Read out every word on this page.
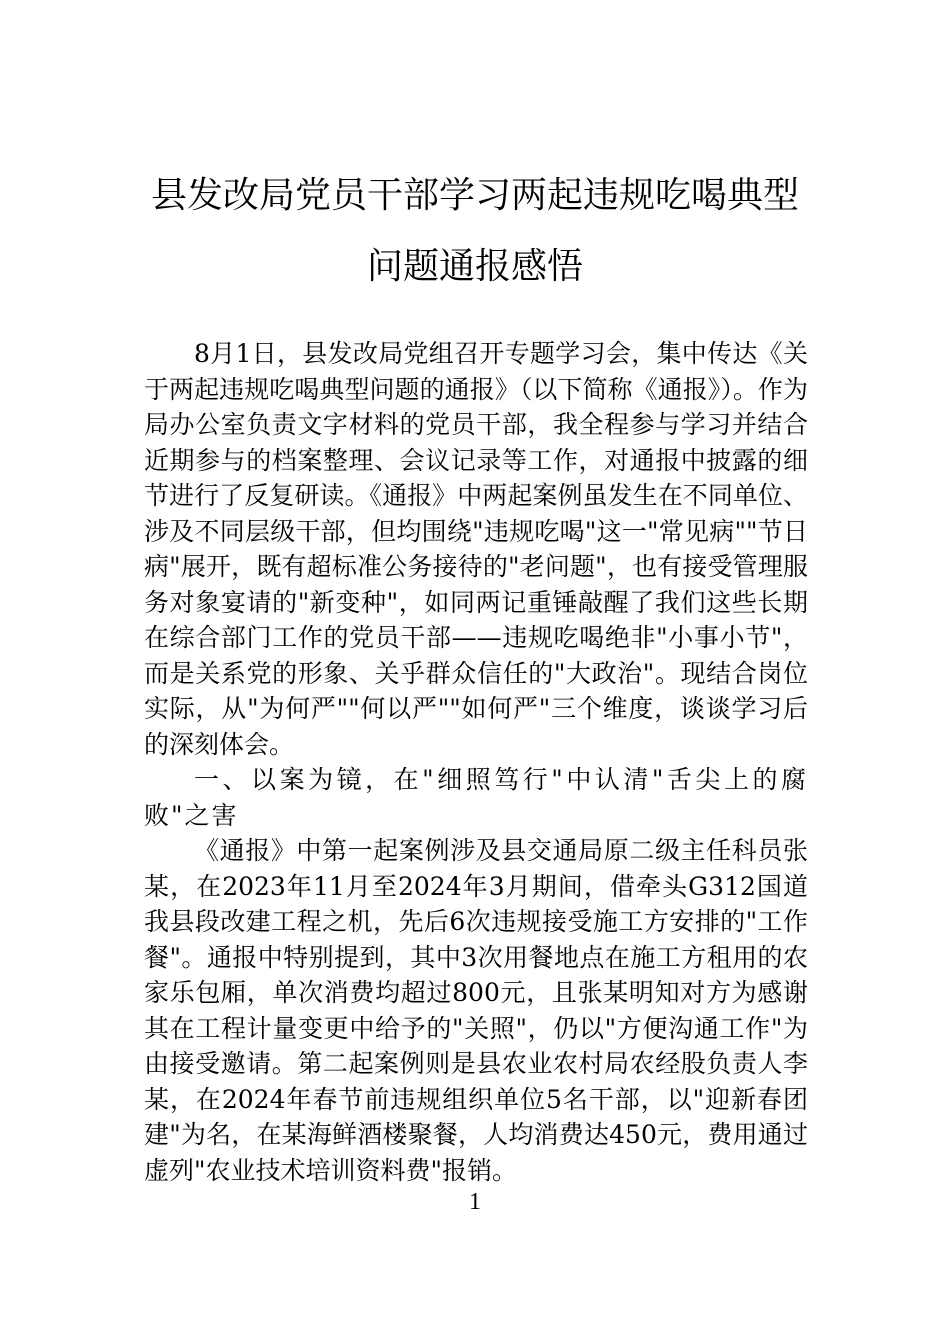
县发改局党员干部学习两起违规吃喝典型
问题通报感悟

8月1日，县发改局党组召开专题学习会，集中传达《关于两起违规吃喝典型问题的通报》（以下简称《通报》）。作为局办公室负责文字材料的党员干部，我全程参与学习并结合近期参与的档案整理、会议记录等工作，对通报中披露的细节进行了反复研读。《通报》中两起案例虽发生在不同单位、涉及不同层级干部，但均围绕"违规吃喝"这一"常见病""节日病"展开，既有超标准公务接待的"老问题"，也有接受管理服务对象宴请的"新变种"，如同两记重锤敲醒了我们这些长期在综合部门工作的党员干部——违规吃喝绝非"小事小节"，而是关系党的形象、关乎群众信任的"大政治"。现结合岗位实际，从"为何严""何以严""如何严"三个维度，谈谈学习后的深刻体会。

一、以案为镜，在"细照笃行"中认清"舌尖上的腐败"之害

《通报》中第一起案例涉及县交通局原二级主任科员张某，在2023年11月至2024年3月期间，借牵头G312国道我县段改建工程之机，先后6次违规接受施工方安排的"工作餐"。通报中特别提到，其中3次用餐地点在施工方租用的农家乐包厢，单次消费均超过800元，且张某明知对方为感谢其在工程计量变更中给予的"关照"，仍以"方便沟通工作"为由接受邀请。第二起案例则是县农业农村局农经股负责人李某，在2024年春节前违规组织单位5名干部，以"迎新春团建"为名，在某海鲜酒楼聚餐，人均消费达450元，费用通过虚列"农业技术培训资料费"报销。

1
